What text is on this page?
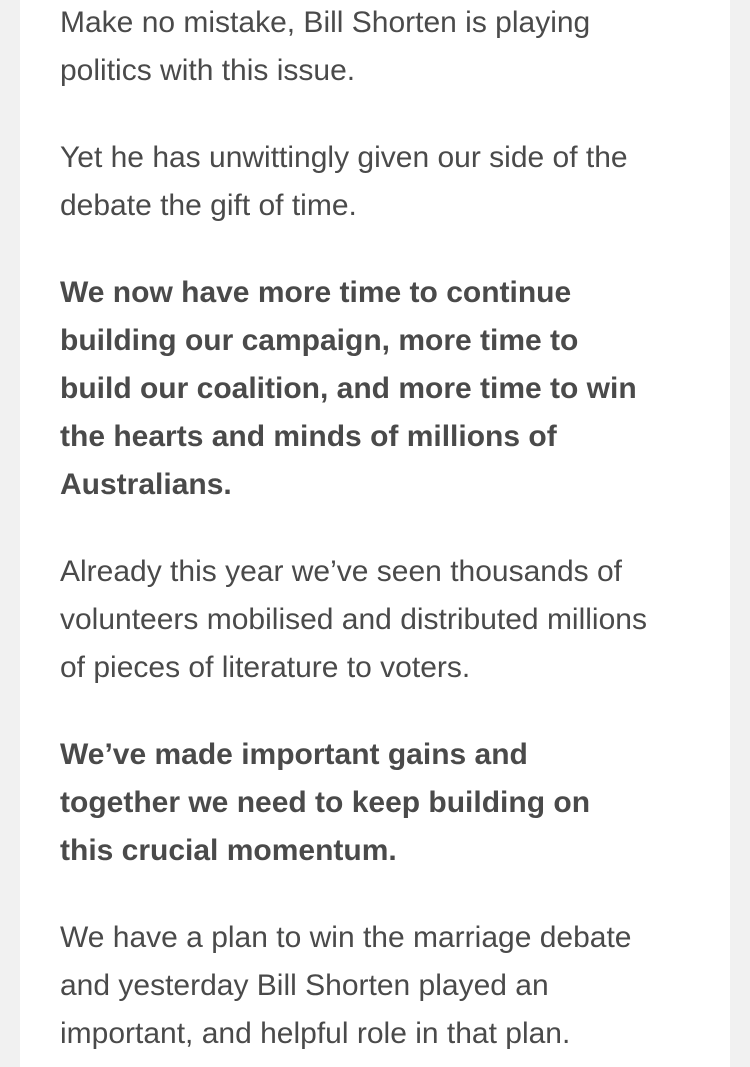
Make no mistake, Bill Shorten is playing
politics with this issue.

Yet he has unwittingly given our side of the
debate the gift of time.

We now have more time to continue
building our campaign, more time to
build our coalition, and more time to win
the hearts and minds of millions of
Australians.

Already this year we’ve seen thousands of
volunteers mobilised and distributed millions
of pieces of literature to voters.

We’ve made important gains and
together we need to keep building on
this crucial momentum.

We have a plan to win the marriage debate
and yesterday Bill Shorten played an
important, and helpful role in that plan.
